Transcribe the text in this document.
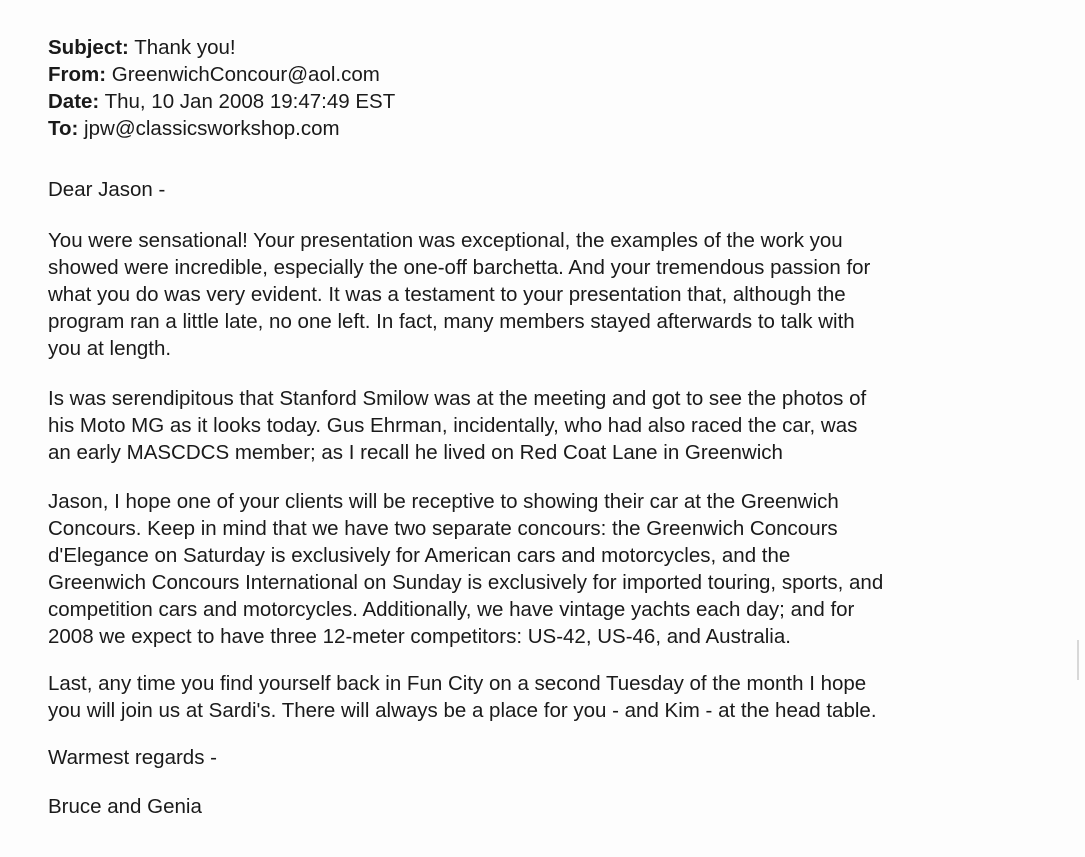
Subject: Thank you!
From: GreenwichConcour@aol.com
Date: Thu, 10 Jan 2008 19:47:49 EST
To: jpw@classicsworkshop.com
Dear Jason -

You were sensational! Your presentation was exceptional, the examples of the work you
showed were incredible, especially the one-off barchetta. And your tremendous passion for
what you do was very evident. It was a testament to your presentation that, although the
program ran a little late, no one left. In fact, many members stayed afterwards to talk with
you at length.

Is was serendipitous that Stanford Smilow was at the meeting and got to see the photos of
his Moto MG as it looks today. Gus Ehrman, incidentally, who had also raced the car, was
an early MASCDCS member; as I recall he lived on Red Coat Lane in Greenwich

Jason, I hope one of your clients will be receptive to showing their car at the Greenwich
Concours. Keep in mind that we have two separate concours: the Greenwich Concours
d'Elegance on Saturday is exclusively for American cars and motorcycles, and the
Greenwich Concours International on Sunday is exclusively for imported touring, sports, and
competition cars and motorcycles. Additionally, we have vintage yachts each day; and for
2008 we expect to have three 12-meter competitors: US-42, US-46, and Australia.

Last, any time you find yourself back in Fun City on a second Tuesday of the month I hope
you will join us at Sardi's. There will always be a place for you - and Kim - at the head table.

Warmest regards -
Bruce and Genia
